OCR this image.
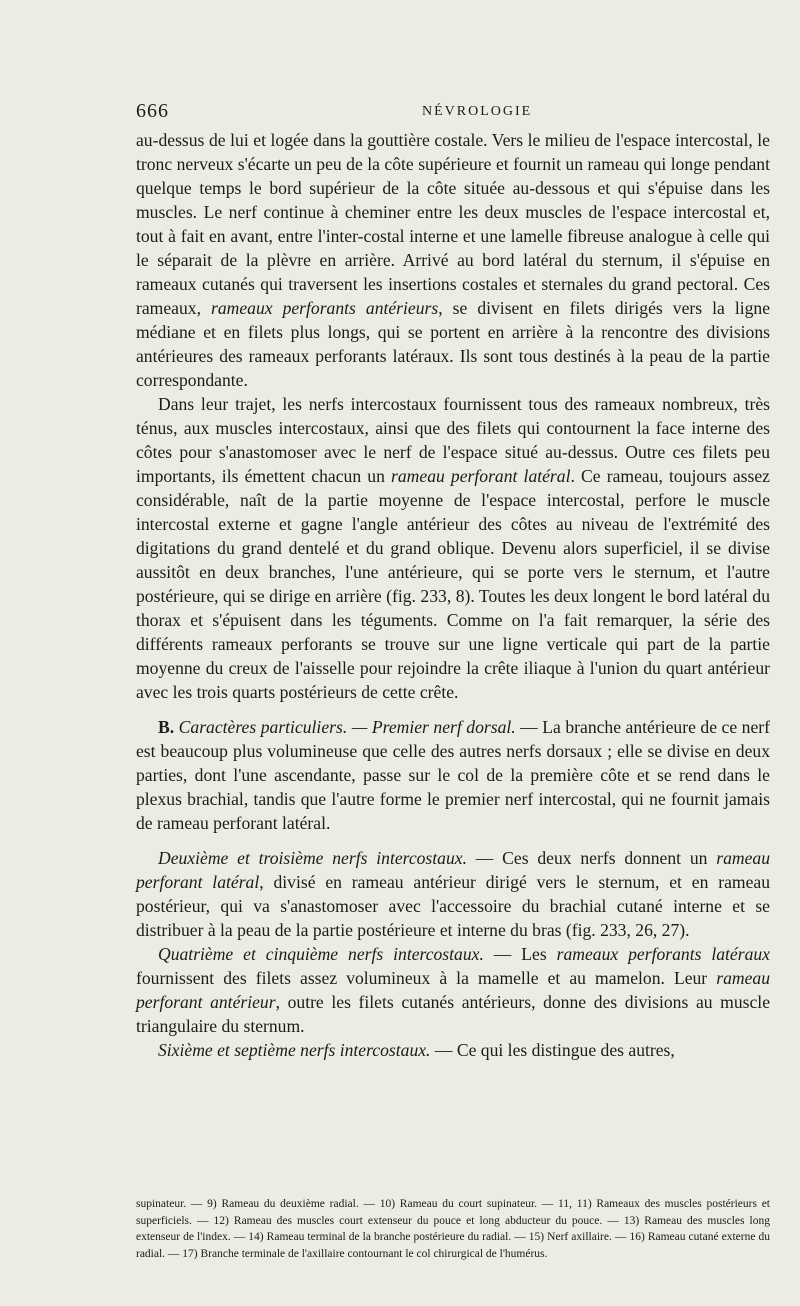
666	NÉVROLOGIE

au-dessus de lui et logée dans la gouttière costale. Vers le milieu de l'espace intercostal, le tronc nerveux s'écarte un peu de la côte supérieure et fournit un rameau qui longe pendant quelque temps le bord supérieur de la côte située au-dessous et qui s'épuise dans les muscles. Le nerf continue à cheminer entre les deux muscles de l'espace intercostal et, tout à fait en avant, entre l'inter-costal interne et une lamelle fibreuse analogue à celle qui le séparait de la plèvre en arrière. Arrivé au bord latéral du sternum, il s'épuise en rameaux cutanés qui traversent les insertions costales et sternales du grand pectoral. Ces rameaux, rameaux perforants antérieurs, se divisent en filets dirigés vers la ligne médiane et en filets plus longs, qui se portent en arrière à la rencontre des divisions antérieures des rameaux perforants latéraux. Ils sont tous destinés à la peau de la partie correspondante.

Dans leur trajet, les nerfs intercostaux fournissent tous des rameaux nombreux, très ténus, aux muscles intercostaux, ainsi que des filets qui contournent la face interne des côtes pour s'anastomoser avec le nerf de l'espace situé au-dessus. Outre ces filets peu importants, ils émettent chacun un rameau perforant latéral. Ce rameau, toujours assez considérable, naît de la partie moyenne de l'espace intercostal, perfore le muscle intercostal externe et gagne l'angle antérieur des côtes au niveau de l'extrémité des digitations du grand dentelé et du grand oblique. Devenu alors superficiel, il se divise aussitôt en deux branches, l'une antérieure, qui se porte vers le sternum, et l'autre postérieure, qui se dirige en arrière (fig. 233, 8). Toutes les deux longent le bord latéral du thorax et s'épuisent dans les téguments. Comme on l'a fait remarquer, la série des différents rameaux perforants se trouve sur une ligne verticale qui part de la partie moyenne du creux de l'aisselle pour rejoindre la crête iliaque à l'union du quart antérieur avec les trois quarts postérieurs de cette crête.

B. Caractères particuliers. — Premier nerf dorsal. — La branche antérieure de ce nerf est beaucoup plus volumineuse que celle des autres nerfs dorsaux ; elle se divise en deux parties, dont l'une ascendante, passe sur le col de la première côte et se rend dans le plexus brachial, tandis que l'autre forme le premier nerf intercostal, qui ne fournit jamais de rameau perforant latéral.

Deuxième et troisième nerfs intercostaux. — Ces deux nerfs donnent un rameau perforant latéral, divisé en rameau antérieur dirigé vers le sternum, et en rameau postérieur, qui va s'anastomoser avec l'accessoire du brachial cutané interne et se distribuer à la peau de la partie postérieure et interne du bras (fig. 233, 26, 27).

Quatrième et cinquième nerfs intercostaux. — Les rameaux perforants latéraux fournissent des filets assez volumineux à la mamelle et au mamelon. Leur rameau perforant antérieur, outre les filets cutanés antérieurs, donne des divisions au muscle triangulaire du sternum.

Sixième et septième nerfs intercostaux. — Ce qui les distingue des autres,

supinateur. — 9) Rameau du deuxième radial. — 10) Rameau du court supinateur. — 11, 11) Rameaux des muscles postérieurs et superficiels. — 12) Rameau des muscles court extenseur du pouce et long abducteur du pouce. — 13) Rameau des muscles long extenseur de l'index. — 14) Rameau terminal de la branche postérieure du radial. — 15) Nerf axillaire. — 16) Rameau cutané externe du radial. — 17) Branche terminale de l'axillaire contournant le col chirurgical de l'humérus.
